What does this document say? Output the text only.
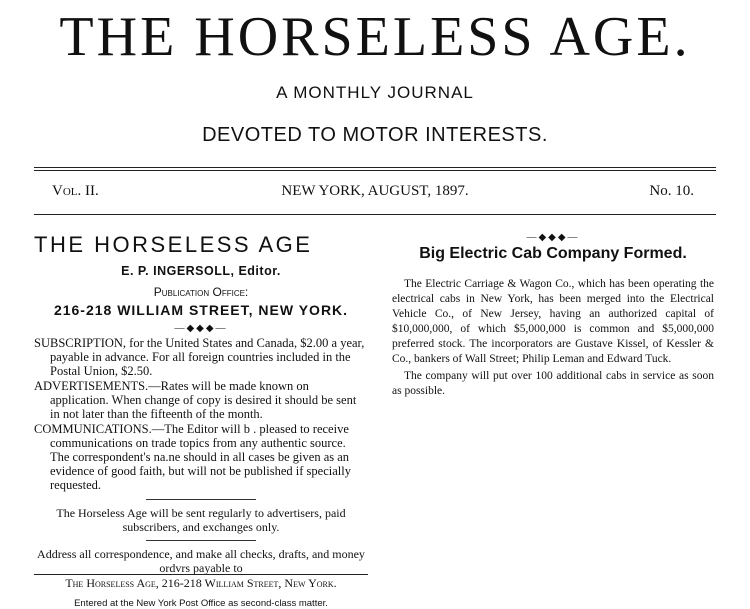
THE HORSELESS AGE.
A MONTHLY JOURNAL
DEVOTED TO MOTOR INTERESTS.
Vol. II.	NEW YORK, AUGUST, 1897.	No. 10.
THE HORSELESS AGE
E. P. INGERSOLL, Editor.
Publication Office:
216-218 WILLIAM STREET, NEW YORK.
—◆◆◆—
SUBSCRIPTION, for the United States and Canada, $2.00 a year, payable in advance. For all foreign countries included in the Postal Union, $2.50.
ADVERTISEMENTS.—Rates will be made known on application. When change of copy is desired it should be sent in not later than the fifteenth of the month.
COMMUNICATIONS.—The Editor will b . pleased to receive communications on trade topics from any authentic source. The correspondent's na.ne should in all cases be given as an evidence of good faith, but will not be published if specially requested.
The Horseless Age will be sent regularly to advertisers, paid subscribers, and exchanges only.
Address all correspondence, and make all checks, drafts, and money ordvrs payable to
The Horseless Age, 216-218 William Street, New York.
Entered at the New York Post Office as second-class matter.
—◆◆◆—
Big Electric Cab Company Formed.
The Electric Carriage & Wagon Co., which has been operating the electrical cabs in New York, has been merged into the Electrical Vehicle Co., of New Jersey, having an authorized capital of $10,000,000, of which $5,000,000 is common and $5,000,000 preferred stock. The incorporators are Gustave Kissel, of Kessler & Co., bankers of Wall Street; Philip Leman and Edward Tuck.
The company will put over 100 additional cabs in service as soon as possible.
